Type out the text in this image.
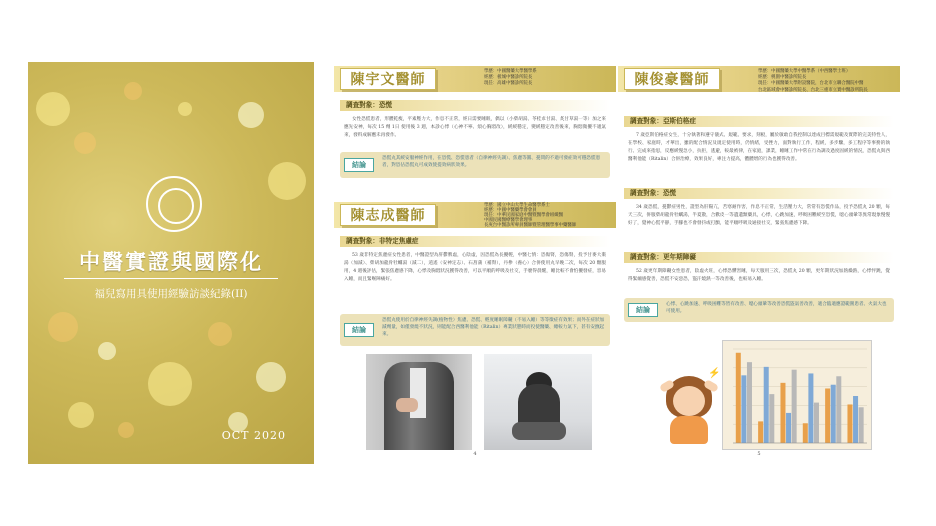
中醫實證與國際化
福兒寫用具使用經驗訪談紀錄(II)
OCT 2020
陳宇文醫師
學歷：中國醫藥大學醫學系
經歷：板城中醫診所院長
現任：高雄中醫診所院長
調查對象：恐慌
女性恐慌患者，形體乾瘦，平素壓力大，作息不正常，經日需要睡眠，偶以（小柴胡湯、苓桂朮甘湯、炙甘草湯一等）加之來應先安神，每次 15 劑 1日 使用後 3 週，本診心悸（心神不寧、煩心胸悶改），緩緩穩定，變緩穩定改善後來，胸悶微擾不適氣來，發料成解應未再發作。
結論
恐慌丸其緩安服神經作用，在恐慌、恐慌患者（自律神經失調）、焦慮等圓、憂問的不適可發症效可穩恐慌患者，對恐佔恐慌丸可成效使提效病狀效果。
陳志成醫師
學歷：國立中山大學生命醫學系士
經歷：中國中醫藥學會會員
現任：中華民國家庭中醫暨醫學會組織醫
中國民國醫療醫學會理事
長庚台中醫診所專員醫師暨管理醫學事中藥醫師
調查對象：非特定焦慮症
53 歲非特定焦慮症女性患者，中醫證型為肝鬱脾虛，心陰虛，因恐慌為長擾輕，中醫七情：恐傷腎，恐傷腎，投予甘麥大棗湯（加減）、柴胡加龍骨牡蠣湯（減二），逍遙（安神定志）、石菖蒲（補腎），丹參（養心）合併使用丸早晚二次，每次 20 顆服用，4 週後評估，緊張焦慮感下降，心悸及胸悶狀況獲得改善，可以平順的呼吸及社交，手麼得晨醒，睡比較不會怕擾發症，容易入睡，而且緊喉陣痛好。
結論
恐慌丸使用於自律神經失調(植物性）焦慮、恐慌、輕度睡眠障礙（不易入睡）等等徵症有效果；而外在症狀加減劑量，如僅發燒不狀況，則能配合西醫利他能（Ritalin）專業狀態時而投使醫藥、總較力氣下，甚有安撫起來。
4
陳俊豪醫師
學歷：中國醫藥大學中醫學系（中西醫學士班）
經歷：桃園中醫診所院長
現任：中國醫藥大學附設醫院，台北市立聯合醫院中醫
台北區域會中醫診所院長、台北三重市立實中醫診所院長
調查對象：亞斯伯格症
7 歲亞斯伯格症女生，十分執著和遵守儀式、規範、要求，刻板，屬於敏敢自我控制以達成目標需規範及實際的完美特性人，在學校、家庭時，才華出，雖的配合情況及規定使用時，仍情緒，受挫力，面對執行工作，程緩，多步驟，多工程序等事務的執行、完成來指思，反應緩慢急小，抗拒，逃避，較最被律，在家庭，課業，睡睡工作中常在行為調及過度固緩的情況，恐慌丸與西醫利他能（Ritalin）合併治療，效果良好，專注力提高，體體增的行為也獲得改善。
調查對象：恐慌
34 歲恐慌，憂鬱症男性，證型為肝陽亢，苦寒耐作害，作息不正常，生活壓力大，常常有恐慌作品，投予恐慌丸 20 顆，每天三次，併服柴胡龍骨牡蠣湯，半夏散，合歡皮一等遺遺類藥具，心悸，心跳加速，呼吸困難緩至恐慌，噁心頭暈等異常現象慢慢好了，覺神心慌平靜，手腳也不會發抖或打顫，能平順呼吸及通接社交，緊張焦慮感下降。
調查對象：更年期障礙
52 歲更年期障礙女性患者，陰虛火旺，心悸恐懼害睡，每天服用三次，恐慌丸 20 顆，更年期狀況加熱燥熱，心悸怦跳，覺得緊繃感覺善，恐慌不安惡恐，盜汗燒熱一等改善後，也較易入睡。
結論
心悸、心跳加速、呼吸困難等皆有改善、噁心頭暈等改善恐慌盜氣善改善，適合臨適應證範圍患者、火氣大也可使用。
⚡
5
